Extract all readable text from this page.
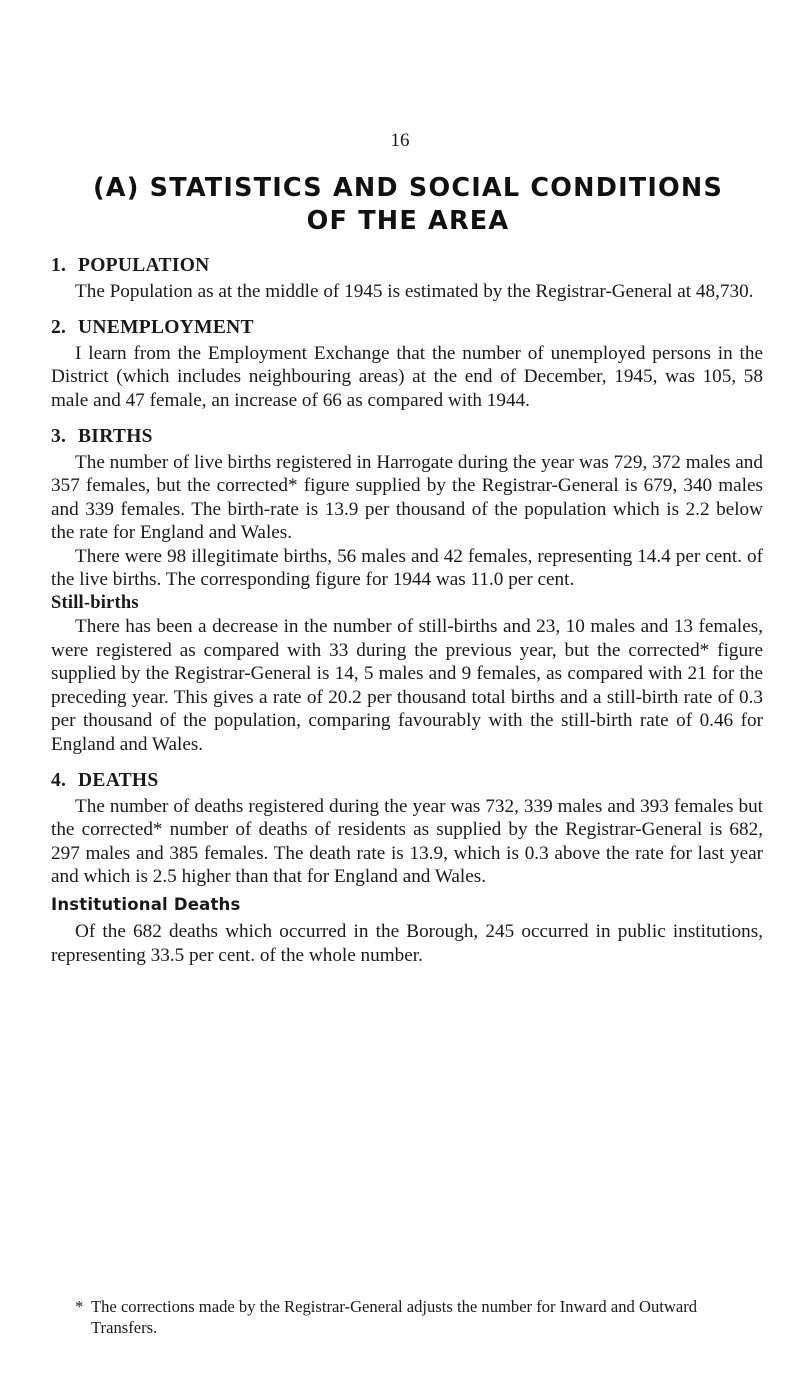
16
(A) STATISTICS AND SOCIAL CONDITIONS
OF THE AREA
1. POPULATION

The Population as at the middle of 1945 is estimated by the Registrar-General at 48,730.

2. UNEMPLOYMENT

I learn from the Employment Exchange that the number of unemployed persons in the District (which includes neighbouring areas) at the end of December, 1945, was 105, 58 male and 47 female, an increase of 66 as compared with 1944.

3. BIRTHS

The number of live births registered in Harrogate during the year was 729, 372 males and 357 females, but the corrected* figure supplied by the Registrar-General is 679, 340 males and 339 females. The birth-rate is 13.9 per thousand of the population which is 2.2 below the rate for England and Wales.

There were 98 illegitimate births, 56 males and 42 females, representing 14.4 per cent. of the live births. The corresponding figure for 1944 was 11.0 per cent.

Still-births

There has been a decrease in the number of still-births and 23, 10 males and 13 females, were registered as compared with 33 during the previous year, but the corrected* figure supplied by the Registrar-General is 14, 5 males and 9 females, as compared with 21 for the preceding year. This gives a rate of 20.2 per thousand total births and a still-birth rate of 0.3 per thousand of the population, comparing favourably with the still-birth rate of 0.46 for England and Wales.

4. DEATHS

The number of deaths registered during the year was 732, 339 males and 393 females but the corrected* number of deaths of residents as supplied by the Registrar-General is 682, 297 males and 385 females. The death rate is 13.9, which is 0.3 above the rate for last year and which is 2.5 higher than that for England and Wales.

Institutional Deaths

Of the 682 deaths which occurred in the Borough, 245 occurred in public institutions, representing 33.5 per cent. of the whole number.

* The corrections made by the Registrar-General adjusts the number for Inward and Outward Transfers.
